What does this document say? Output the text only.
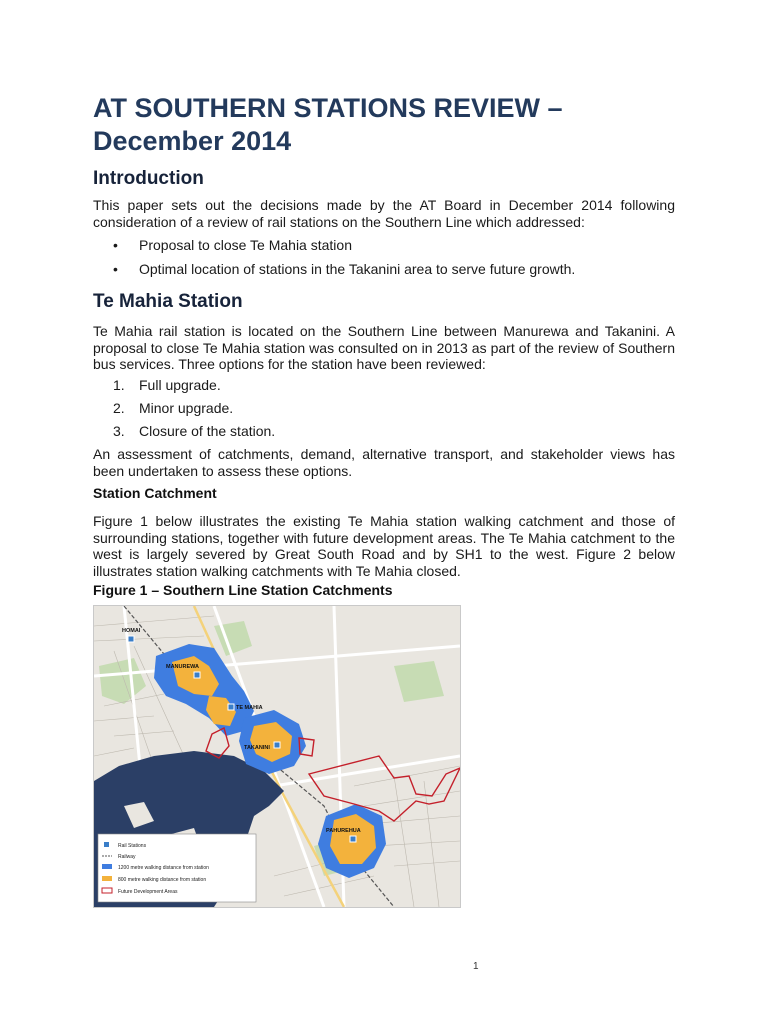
AT SOUTHERN STATIONS REVIEW –
December 2014
Introduction

This paper sets out the decisions made by the AT Board in December 2014 following consideration of a review of rail stations on the Southern Line which addressed:

• Proposal to close Te Mahia station
• Optimal location of stations in the Takanini area to serve future growth.
Te Mahia Station

Te Mahia rail station is located on the Southern Line between Manurewa and Takanini. A proposal to close Te Mahia station was consulted on in 2013 as part of the review of Southern bus services. Three options for the station have been reviewed:

1. Full upgrade.
2. Minor upgrade.
3. Closure of the station.

An assessment of catchments, demand, alternative transport, and stakeholder views has been undertaken to assess these options.

Station Catchment

Figure 1 below illustrates the existing Te Mahia station walking catchment and those of surrounding stations, together with future development areas. The Te Mahia catchment to the west is largely severed by Great South Road and by SH1 to the west. Figure 2 below illustrates station walking catchments with Te Mahia closed.

Figure 1 – Southern Line Station Catchments
HOMAI
MANUREWA
TE MAHIA
TAKANINI
PAHUREHUA
Rail Stations
Railway
1200 metre walking distance from station
800 metre walking distance from station
Future Development Areas
1
